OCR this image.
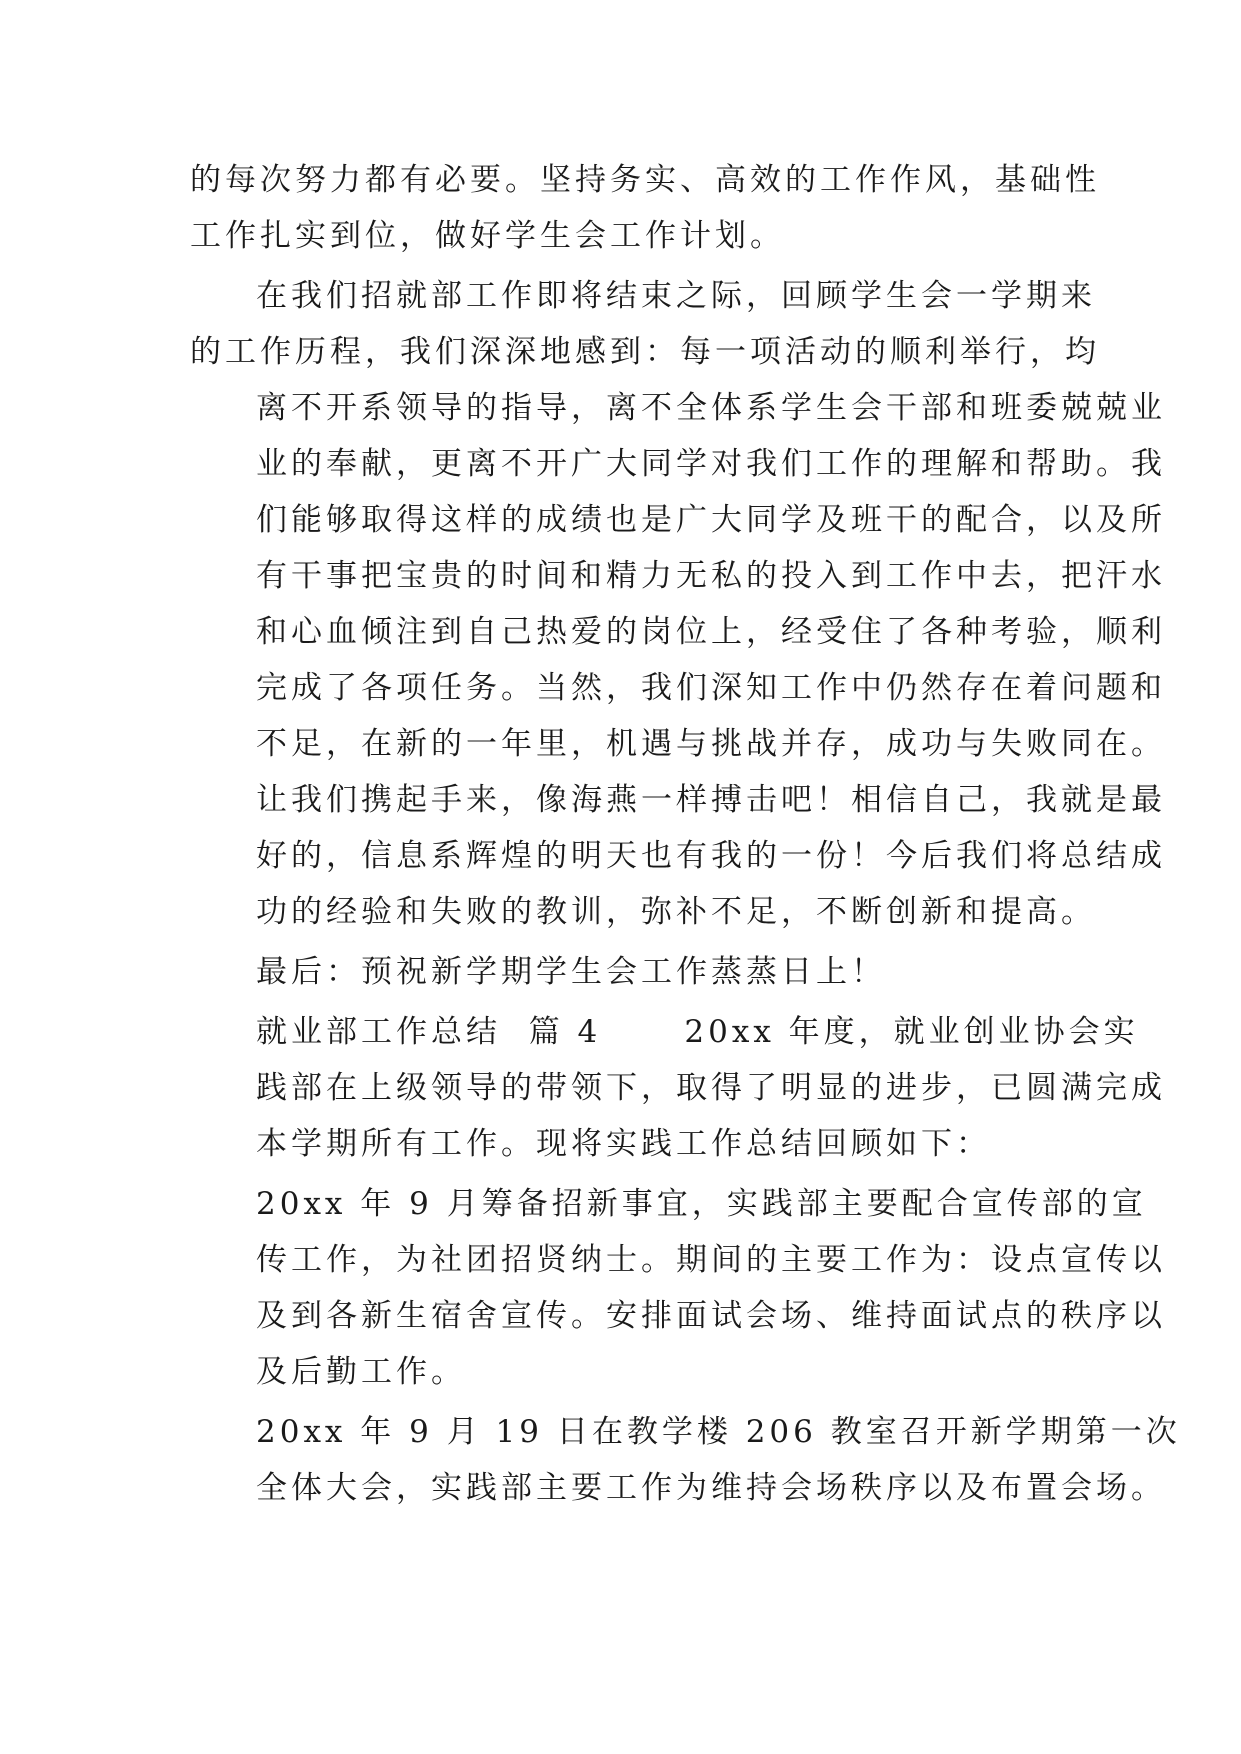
的每次努力都有必要。坚持务实、高效的工作作风，基础性
工作扎实到位，做好学生会工作计划。

在我们招就部工作即将结束之际，回顾学生会一学期来

的工作历程，我们深深地感到：每一项活动的顺利举行，均
离不开系领导的指导，离不全体系学生会干部和班委兢兢业
业的奉献，更离不开广大同学对我们工作的理解和帮助。我
们能够取得这样的成绩也是广大同学及班干的配合，以及所
有干事把宝贵的时间和精力无私的投入到工作中去，把汗水
和心血倾注到自己热爱的岗位上，经受住了各种考验，顺利
完成了各项任务。当然，我们深知工作中仍然存在着问题和
不足，在新的一年里，机遇与挑战并存，成功与失败同在。
让我们携起手来，像海燕一样搏击吧！相信自己，我就是最
好的，信息系辉煌的明天也有我的一份！今后我们将总结成
功的经验和失败的教训，弥补不足，不断创新和提高。

最后：预祝新学期学生会工作蒸蒸日上！

就业部工作总结  篇 4      20xx 年度，就业创业协会实

践部在上级领导的带领下，取得了明显的进步，已圆满完成
本学期所有工作。现将实践工作总结回顾如下：

20xx 年 9 月筹备招新事宜，实践部主要配合宣传部的宣

传工作，为社团招贤纳士。期间的主要工作为：设点宣传以
及到各新生宿舍宣传。安排面试会场、维持面试点的秩序以
及后勤工作。

20xx 年 9 月 19 日在教学楼 206 教室召开新学期第一次

全体大会，实践部主要工作为维持会场秩序以及布置会场。
